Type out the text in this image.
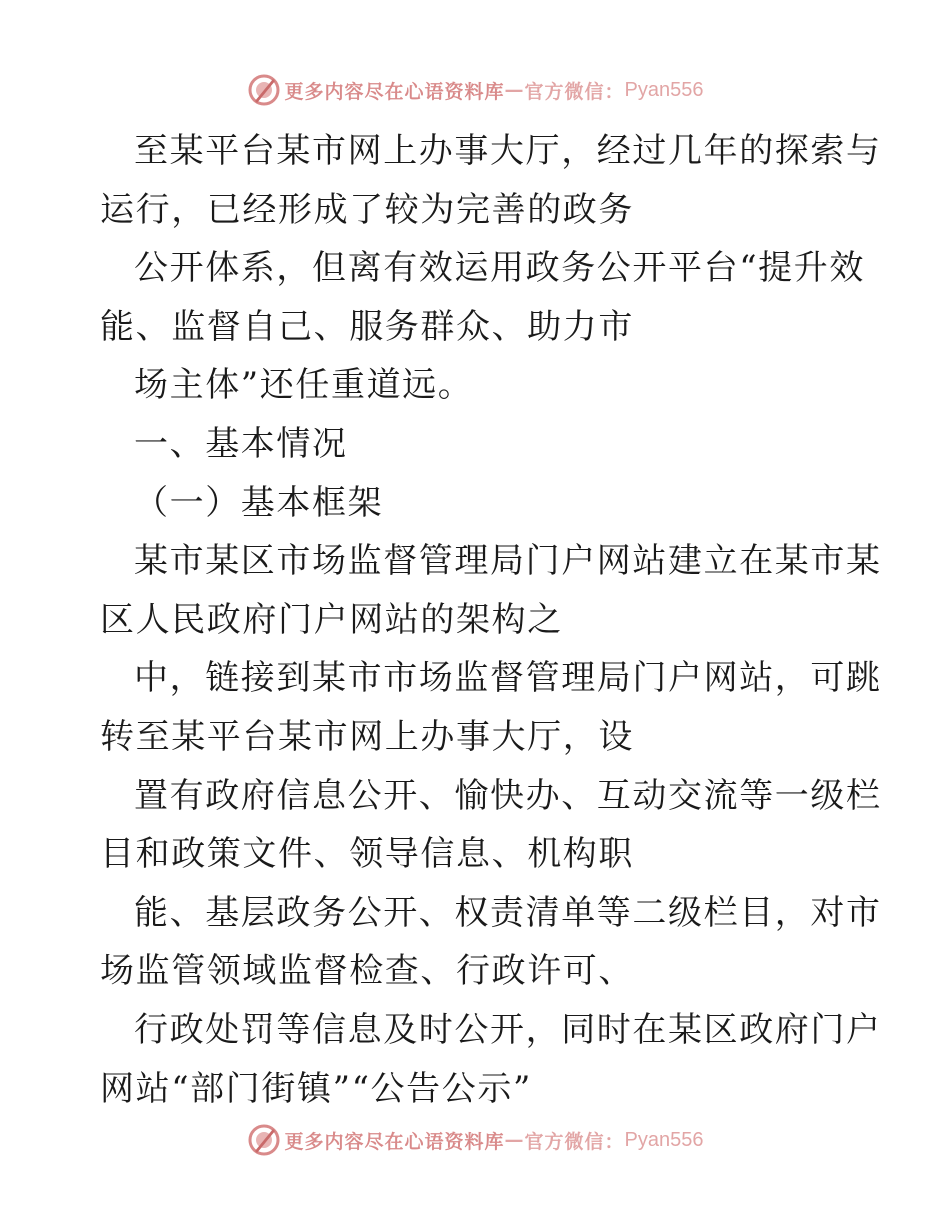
更多内容尽在心语资料库 — 官方微信： Pyan556
至某平台某市网上办事大厅，经过几年的探索与
运行，已经形成了较为完善的政务
公开体系，但离有效运用政务公开平台“提升效
能、监督自己、服务群众、助力市
场主体”还任重道远。
一、基本情况
（一）基本框架
某市某区市场监督管理局门户网站建立在某市某
区人民政府门户网站的架构之
中，链接到某市市场监督管理局门户网站，可跳
转至某平台某市网上办事大厅，设
置有政府信息公开、愉快办、互动交流等一级栏
目和政策文件、领导信息、机构职
能、基层政务公开、权责清单等二级栏目，对市
场监管领域监督检查、行政许可、
行政处罚等信息及时公开，同时在某区政府门户
网站“部门街镇”“公告公示”
更多内容尽在心语资料库 — 官方微信： Pyan556
